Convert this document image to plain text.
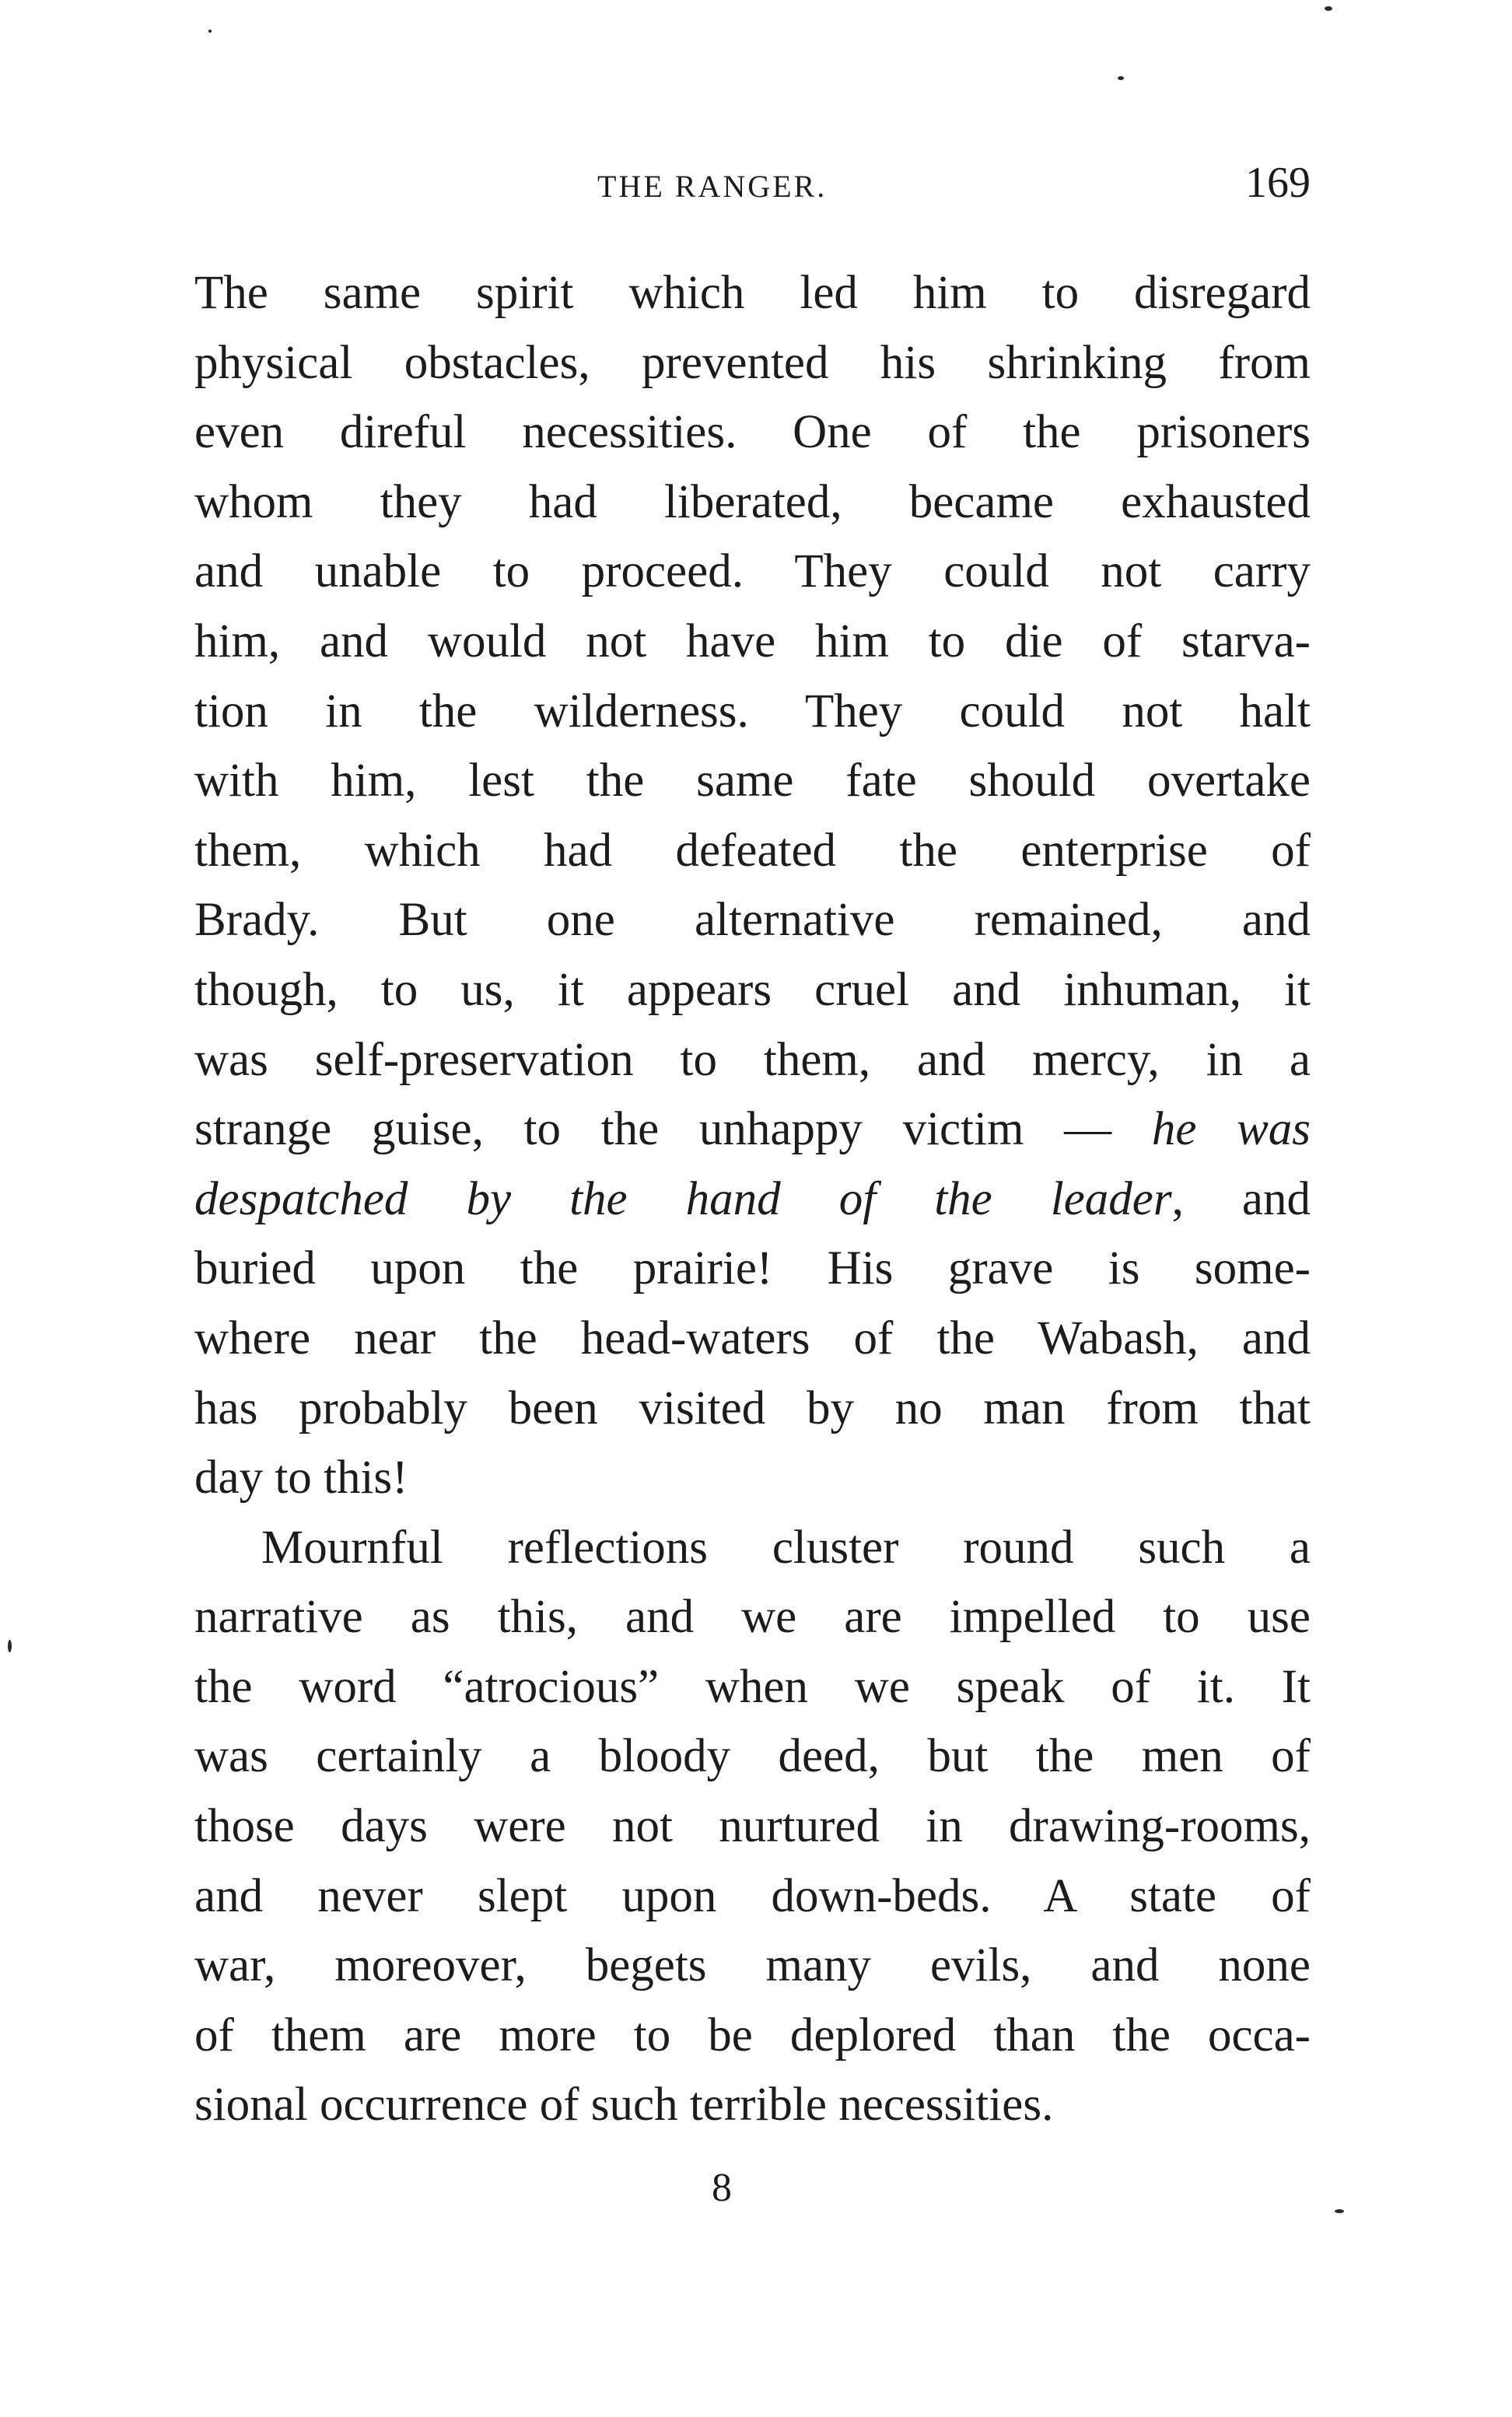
THE RANGER.	169
The same spirit which led him to disregard
physical obstacles, prevented his shrinking from
even direful necessities. One of the prisoners
whom they had liberated, became exhausted
and unable to proceed. They could not carry
him, and would not have him to die of starva-
tion in the wilderness. They could not halt
with him, lest the same fate should overtake
them, which had defeated the enterprise of
Brady. But one alternative remained, and
though, to us, it appears cruel and inhuman, it
was self-preservation to them, and mercy, in a
strange guise, to the unhappy victim — he was
despatched by the hand of the leader, and
buried upon the prairie! His grave is some-
where near the head-waters of the Wabash, and
has probably been visited by no man from that
day to this!
Mournful reflections cluster round such a
narrative as this, and we are impelled to use
the word “atrocious” when we speak of it. It
was certainly a bloody deed, but the men of
those days were not nurtured in drawing-rooms,
and never slept upon down-beds. A state of
war, moreover, begets many evils, and none
of them are more to be deplored than the occa-
sional occurrence of such terrible necessities.
8
